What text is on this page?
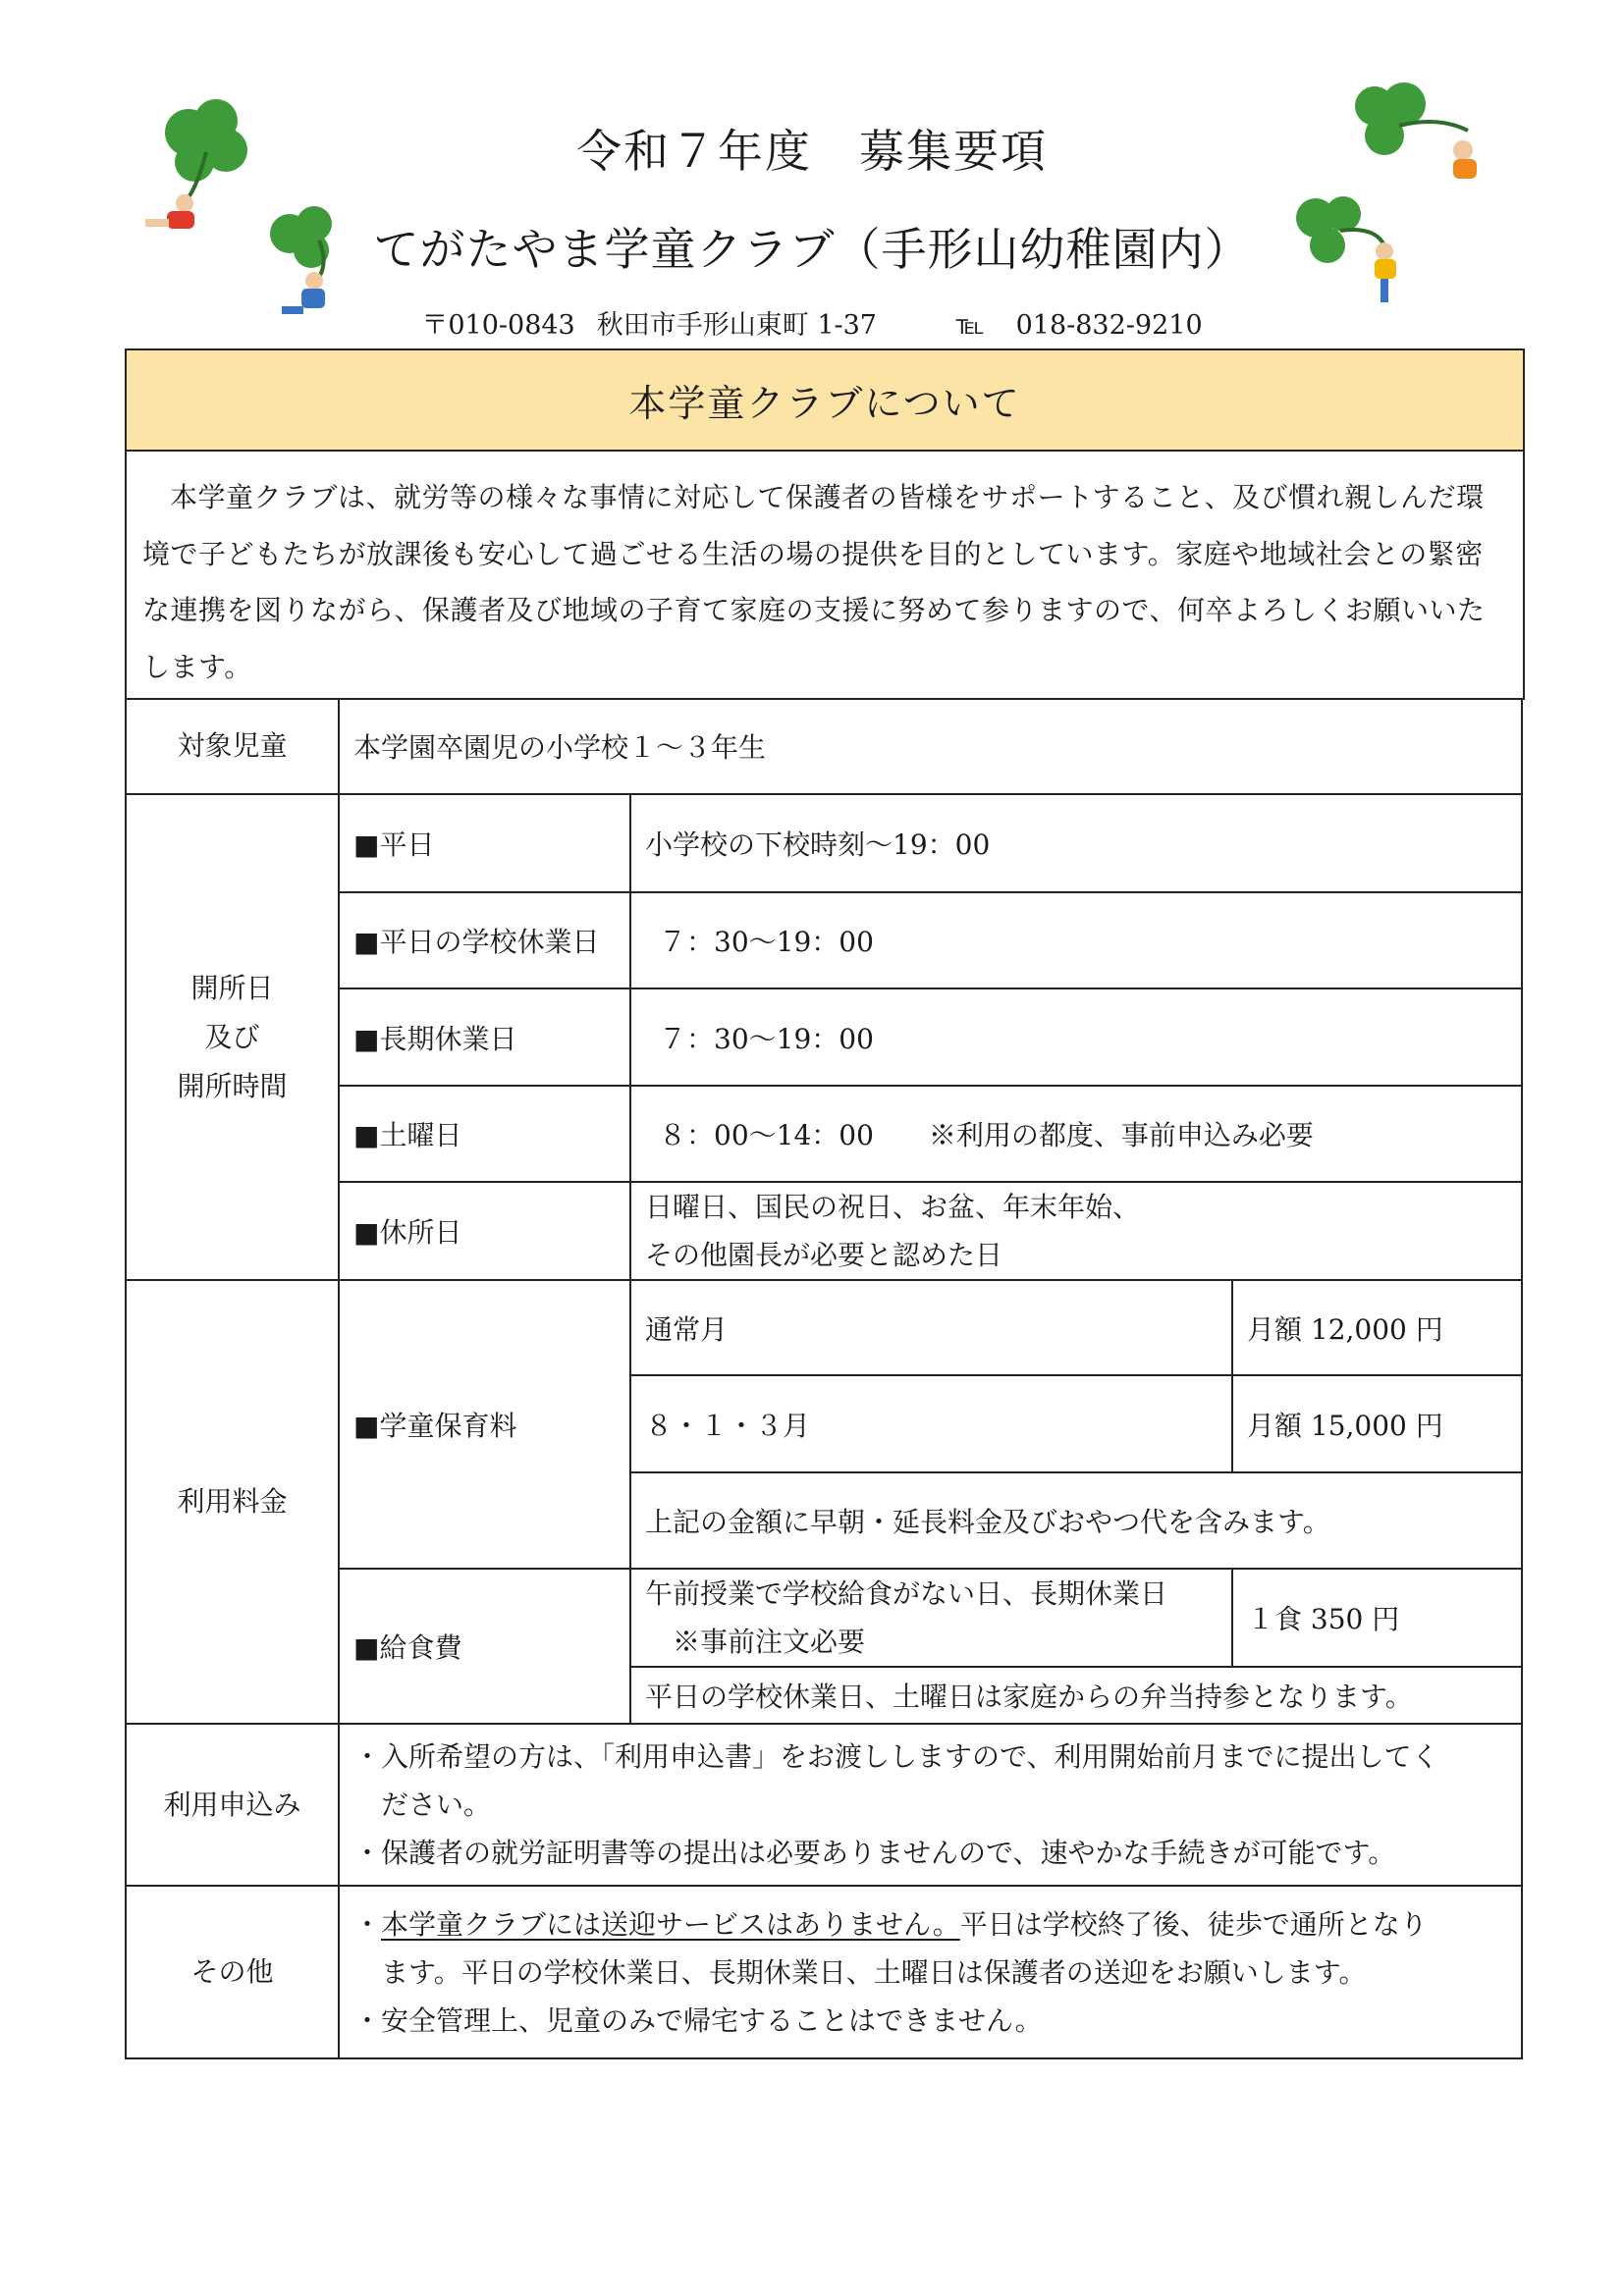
令和７年度　募集要項
てがたやま学童クラブ（手形山幼稚園内）
〒010-0843 秋田市手形山東町 1-37	℡ 018-832-9210
本学童クラブについて
本学童クラブは、就労等の様々な事情に対応して保護者の皆様をサポートすること、及び慣れ親しんだ環境で子どもたちが放課後も安心して過ごせる生活の場の提供を目的としています。家庭や地域社会との緊密な連携を図りながら、保護者及び地域の子育て家庭の支援に努めて参りますので、何卒よろしくお願いいたします。
対象児童	本学園卒園児の小学校１～３年生		

開所日
及び
開所時間	■平日	小学校の下校時刻～19：00	
	■平日の学校休業日	７：30～19：00	
	■長期休業日	７：30～19：00	
	■土曜日	８：00～14：00 ※利用の都度、事前申込み必要	
	■休所日	日曜日、国民の祝日、お盆、年末年始、
その他園長が必要と認めた日	

利用料金	■学童保育料	通常月	月額 12,000 円
		８・１・３月	月額 15,000 円
		上記の金額に早朝・延長料金及びおやつ代を含みます。	
	■給食費	午前授業で学校給食がない日、長期休業日
※事前注文必要	１食 350 円
		平日の学校休業日、土曜日は家庭からの弁当持参となります。	
利用申込み	・入所希望の方は、「利用申込書」をお渡ししますので、利用開始前月までに提出してく
ださい。
・保護者の就労証明書等の提出は必要ありませんので、速やかな手続きが可能です。		

その他	・本学童クラブには送迎サービスはありません。平日は学校終了後、徒歩で通所となり
ます。平日の学校休業日、長期休業日、土曜日は保護者の送迎をお願いします。
・安全管理上、児童のみで帰宅することはできません。		
